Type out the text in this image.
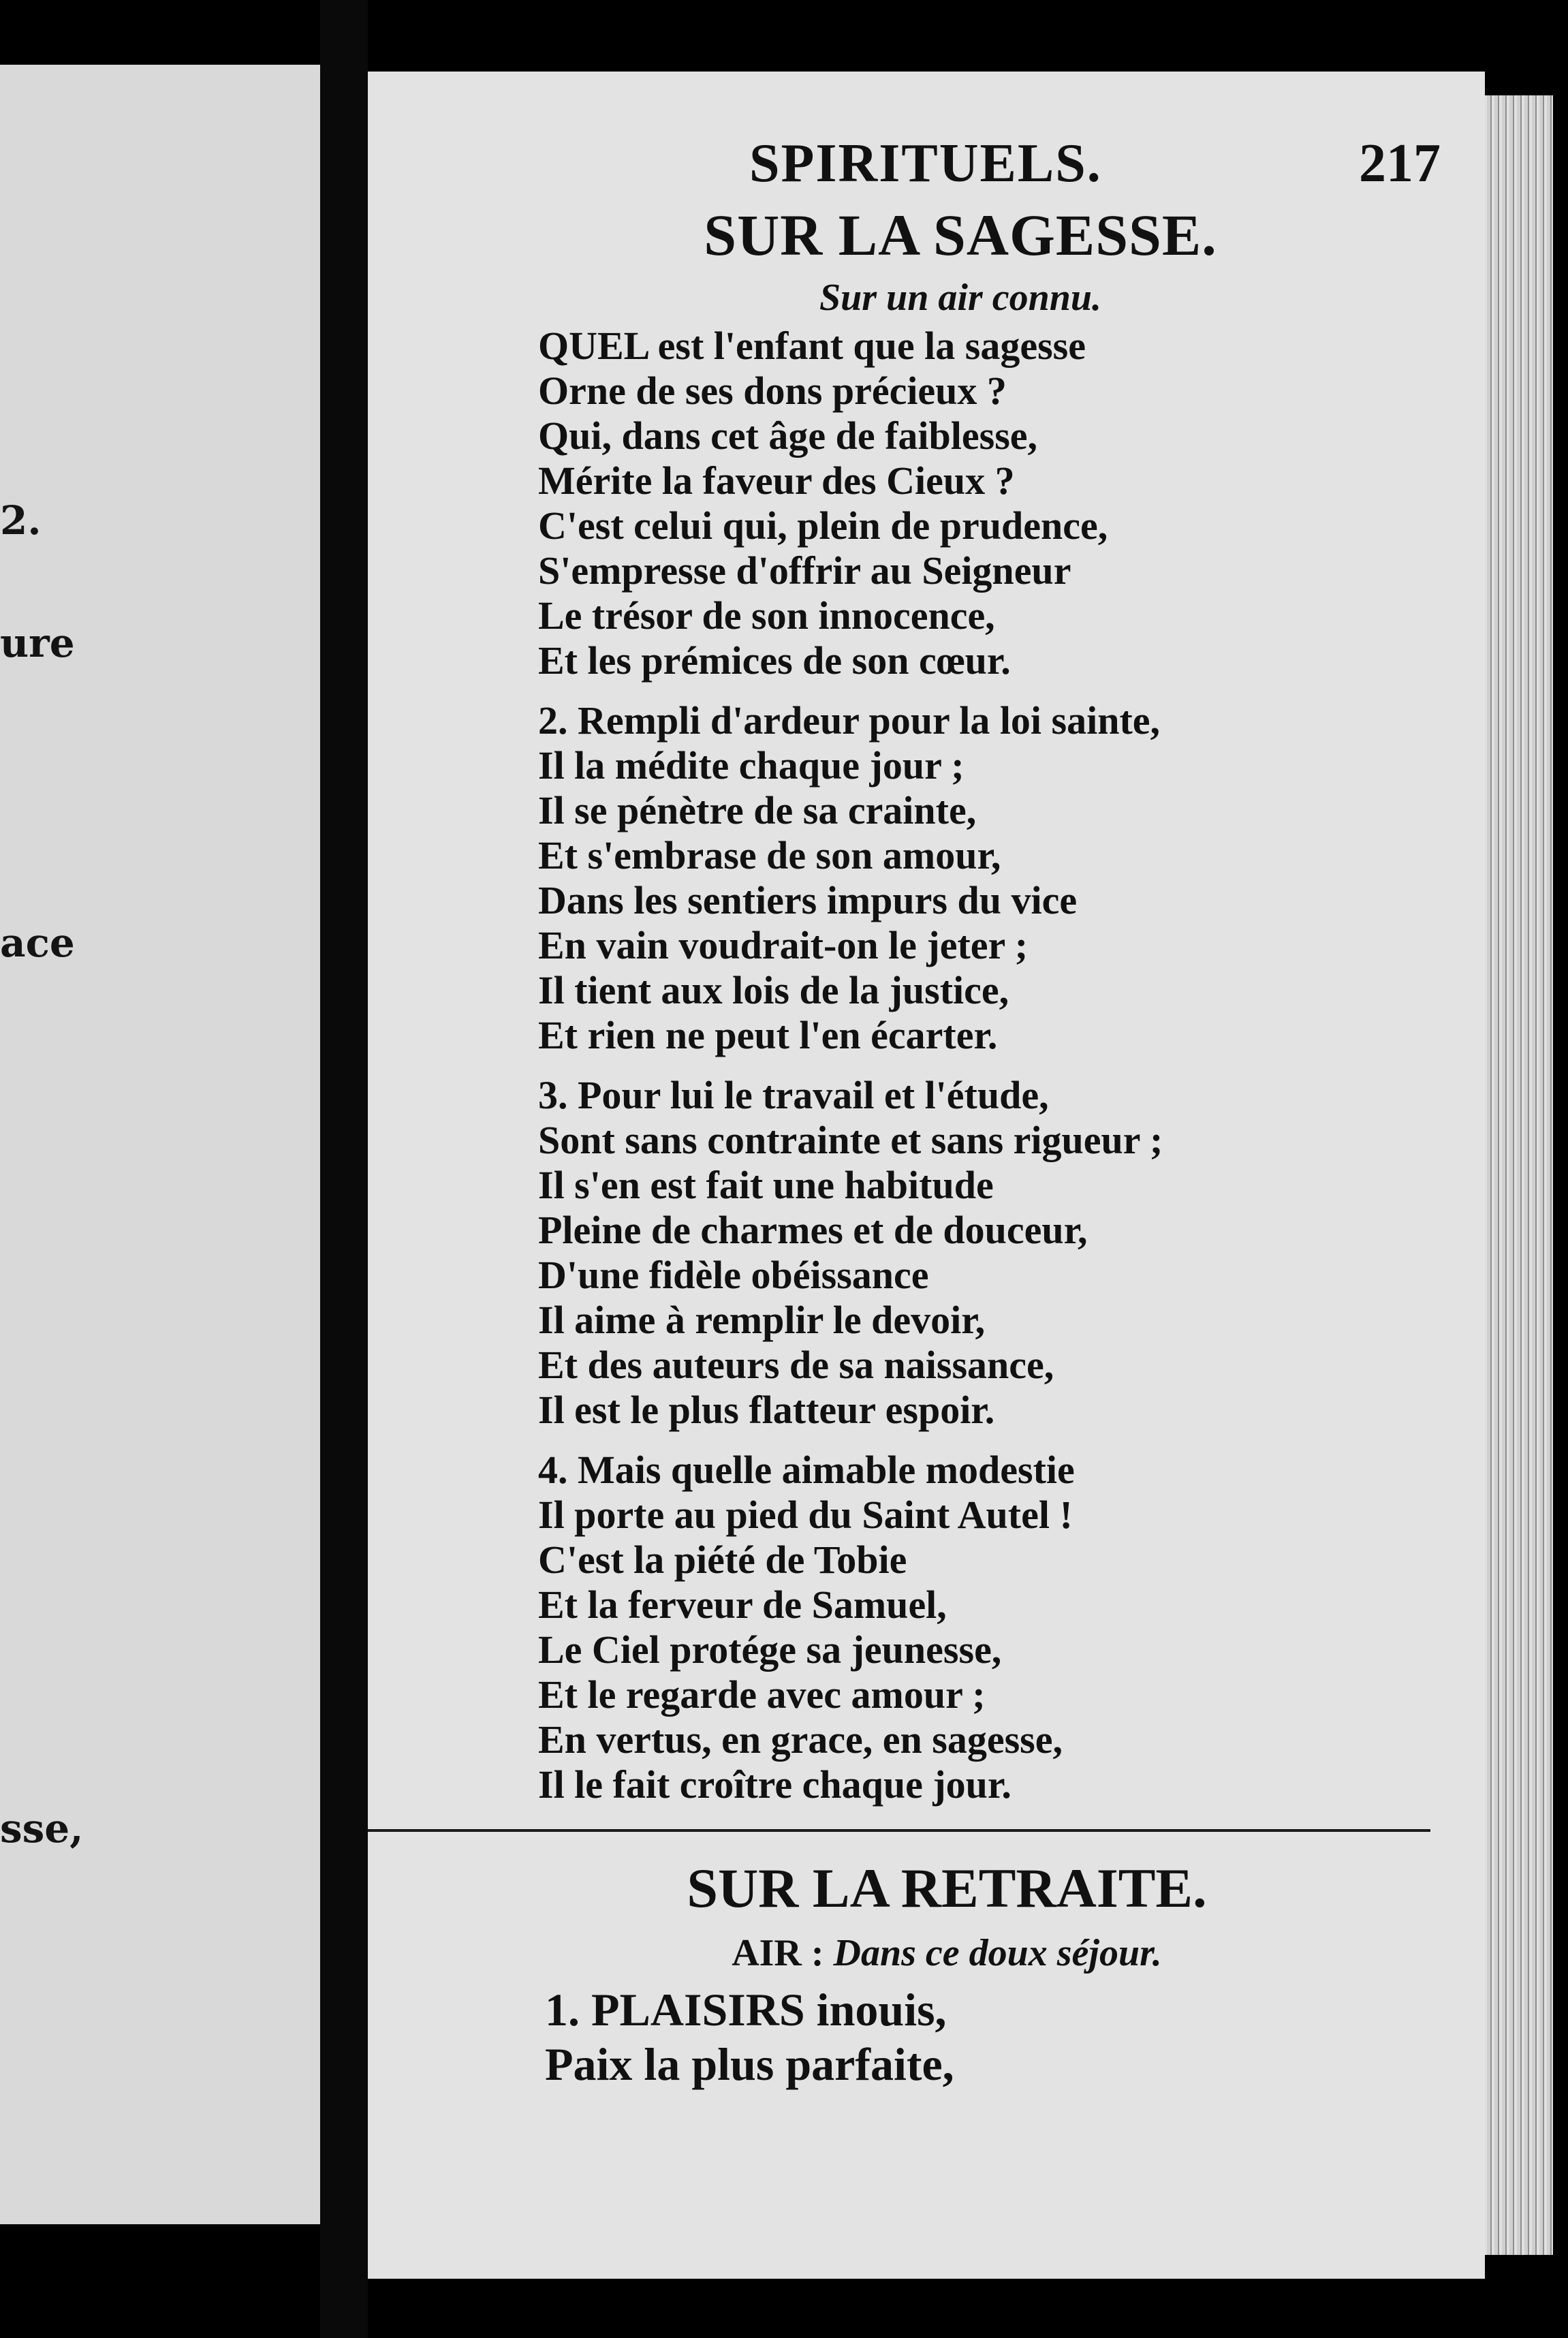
2.
ure
ace
sse,
SPIRITUELS.	217
SUR LA SAGESSE.
Sur un air connu.
QUEL est l'enfant que la sagesse
Orne de ses dons précieux ?
Qui, dans cet âge de faiblesse,
Mérite la faveur des Cieux ?
C'est celui qui, plein de prudence,
S'empresse d'offrir au Seigneur
Le trésor de son innocence,
Et les prémices de son cœur.
2. Rempli d'ardeur pour la loi sainte,
Il la médite chaque jour ;
Il se pénètre de sa crainte,
Et s'embrase de son amour,
Dans les sentiers impurs du vice
En vain voudrait-on le jeter ;
Il tient aux lois de la justice,
Et rien ne peut l'en écarter.
3. Pour lui le travail et l'étude,
Sont sans contrainte et sans rigueur ;
Il s'en est fait une habitude
Pleine de charmes et de douceur,
D'une fidèle obéissance
Il aime à remplir le devoir,
Et des auteurs de sa naissance,
Il est le plus flatteur espoir.
4. Mais quelle aimable modestie
Il porte au pied du Saint Autel !
C'est la piété de Tobie
Et la ferveur de Samuel,
Le Ciel protége sa jeunesse,
Et le regarde avec amour ;
En vertus, en grace, en sagesse,
Il le fait croître chaque jour.
SUR LA RETRAITE.
AIR : Dans ce doux séjour.
1. PLAISIRS inouis,
Paix la plus parfaite,
